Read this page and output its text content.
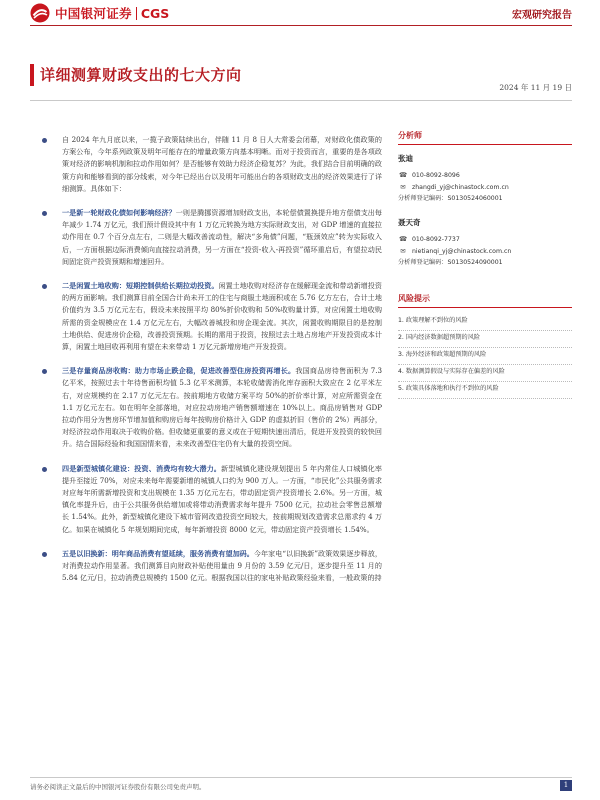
中国银河证券 CGS	宏观研究报告
详细测算财政支出的七大方向
2024 年 11 月 19 日

自 2024 年九月底以来，一揽子政策陆续出台，伴随 11 月 8 日人大常委会闭幕，对财政化债政策的方案公布，今年系列政策及明年可能存在的增量政策方向基本明晰。而对于投资而言，重要的是各项政策对经济的影响机制和拉动作用如何？是否能够有效助力经济企稳复苏？为此，我们结合目前明确的政策方向和能够看到的部分线索，对今年已经出台以及明年可能出台的各项财政支出的经济效果进行了详细测算。具体如下：

一是新一轮财政化债如何影响经济？一则是腾挪资源增加财政支出，本轮偿债置换提升地方偿债支出每年减少 1.74 万亿元，我们预计假设其中有 1 万亿元转换为地方实际财政支出，对 GDP 增速的直接拉动作用在 0.7 个百分点左右，二则是大幅改善流动性，解决“多角债”问题，“瓶颈效应”转为实际收入后，一方面根据边际消费倾向直接拉动消费，另一方面在“投资-收入-再投资”循环重启后，有望拉动民间固定资产投资预期和增速回升。

二是闲置土地收购：短期控制供给长期拉动投资。闲置土地收购对经济存在缓解现金流和带动新增投资的两方面影响。我们测算目前全国合计尚未开工的住宅与商服土地面积或在 5.76 亿方左右，合计土地价值约为 3.5 万亿元左右，假设未来按照平均 80%折价收购和 50%收购量计算，对应闲置土地收购所需的资金规模应在 1.4 万亿元左右，大幅改善城投和房企现金流。其次，闲置收购期限目的是控制土地供给、促进房价企稳，改善投资预期。长期的需用于投资，按照过去土地占房地产开发投资成本计算，闲置土地回收再利用有望在未来带动 1 万亿元新增房地产开发投资。

三是存量商品房收购：助力市场止跌企稳，促进改善型住房投资再增长。我国商品房待售面积为 7.3 亿平米，按照过去十年待售面积均值 5.3 亿平米测算，本轮收储需消化库存面积大致应在 2 亿平米左右，对应规模约在 2.17 万亿元左右。按前期地方收储方案平均 50%的折价率计算，对应所需资金在 1.1 万亿元左右。如在明年全部落地，对应拉动房地产销售额增速在 10%以上。商品房销售对 GDP 拉动作用分为售房环节增加值和购房后每年按购房价格计入 GDP 的虚拟折旧（售价的 2%）两部分，对经济拉动作用取决于收购价格。但收储更重要的意义或在于短期快速出清后，促进开发投资的较快回升。结合国际经验和我国国情来看，未来改善型住宅仍有大量的投资空间。

四是新型城镇化建设：投资、消费均有较大潜力。新型城镇化建设规划提出 5 年内常住人口城镇化率提升至接近 70%，对应未来每年需要新增的城镇人口约为 900 万人。一方面，“市民化”公共服务需求对应每年所需新增投资和支出规模在 1.35 万亿元左右，带动固定资产投资增长 2.6%。另一方面，城镇化率提升后，由于公共服务供给增加或将带动消费需求每年提升 7500 亿元，拉动社会零售总额增长 1.54%。此外，新型城镇化建设下城市管网改造投资空间较大，按前期规划改造需求总需求约 4 万亿。如果在城镇化 5 年规划期间完成，每年新增投资 8000 亿元，带动固定资产投资增长 1.54%。

五是以旧换新：明年商品消费有望延续，服务消费有望加码。今年家电“以旧换新”政策效果逐步释放，对消费拉动作用显著。我们测算目向财政补贴使用量由 9 月份的 3.59 亿元/日，逐步提升至 11 月的 5.84 亿元/日，拉动消费总规模约 1500 亿元。根据我国以往的家电补贴政策经验来看，一般政策的持

分析师
张迪
☎ 010-8092-8096
✉	zhangdi_yj@chinastock.com.cn
分析师登记编码：S0130524060001
聂天奇
☎ 010-8092-7737
✉	nietianqi_yj@chinastock.com.cn
分析师登记编码：S0130524090001
风险提示
1. 政策理解不到位的风险
2. 国内经济数据超预期的风险
3. 海外经济和政策超预期的风险
4. 数据测算假设与实际存在偏差的风险
5. 政策具体落地和执行不到位的风险
请务必阅读正文最后的中国银河证券股份有限公司免责声明。	1
